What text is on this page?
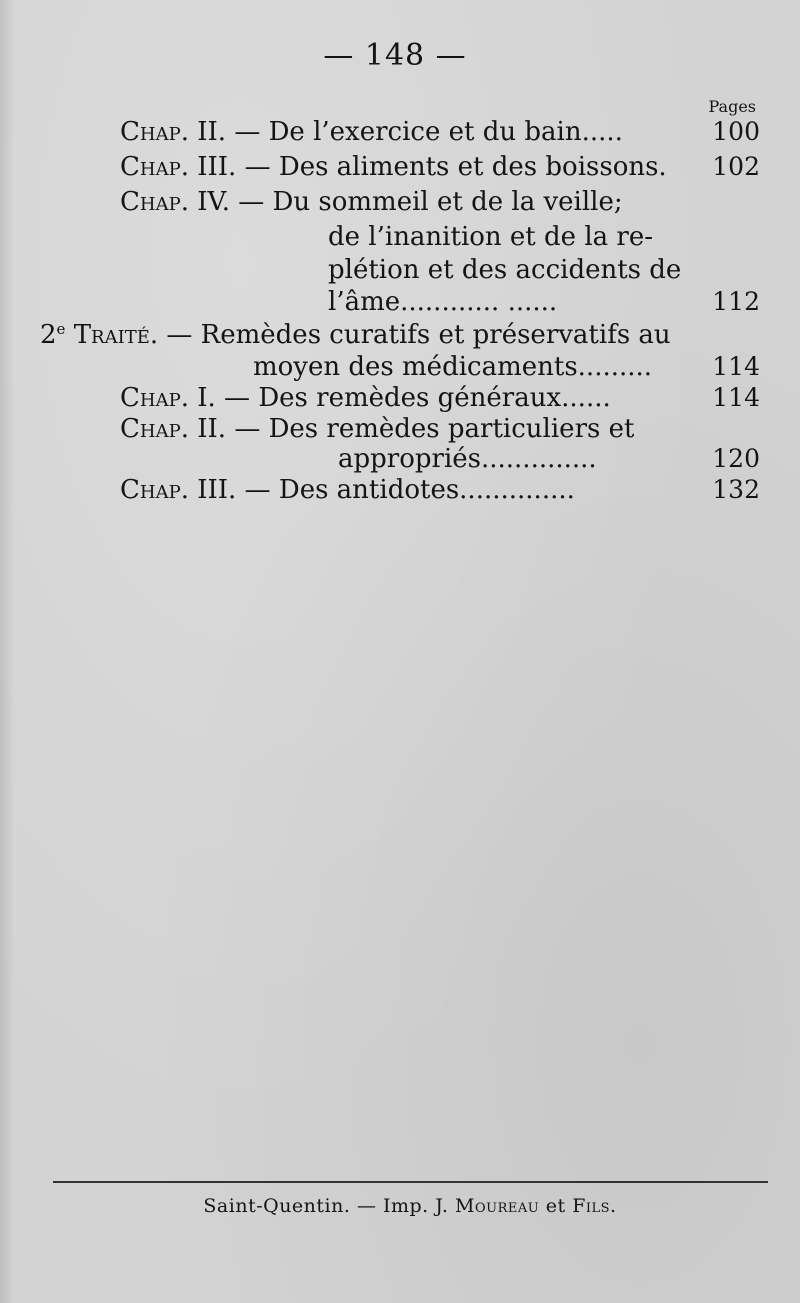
— 148 —
Pages
Chap. II. — De l’exercice et du bain.....	100
Chap. III. — Des aliments et des boissons. 102
Chap. IV. — Du sommeil et de la veille;
de l’inanition et de la re-
plétion et des accidents de
l’âme............ ......	112
2e Traité. — Remèdes curatifs et préservatifs au
moyen des médicaments......... 114
Chap. I. — Des remèdes généraux......	114
Chap. II. — Des remèdes particuliers et
appropriés..............	120
Chap. III. — Des antidotes..............	132
Saint-Quentin. — Imp. J. Moureau et Fils.
